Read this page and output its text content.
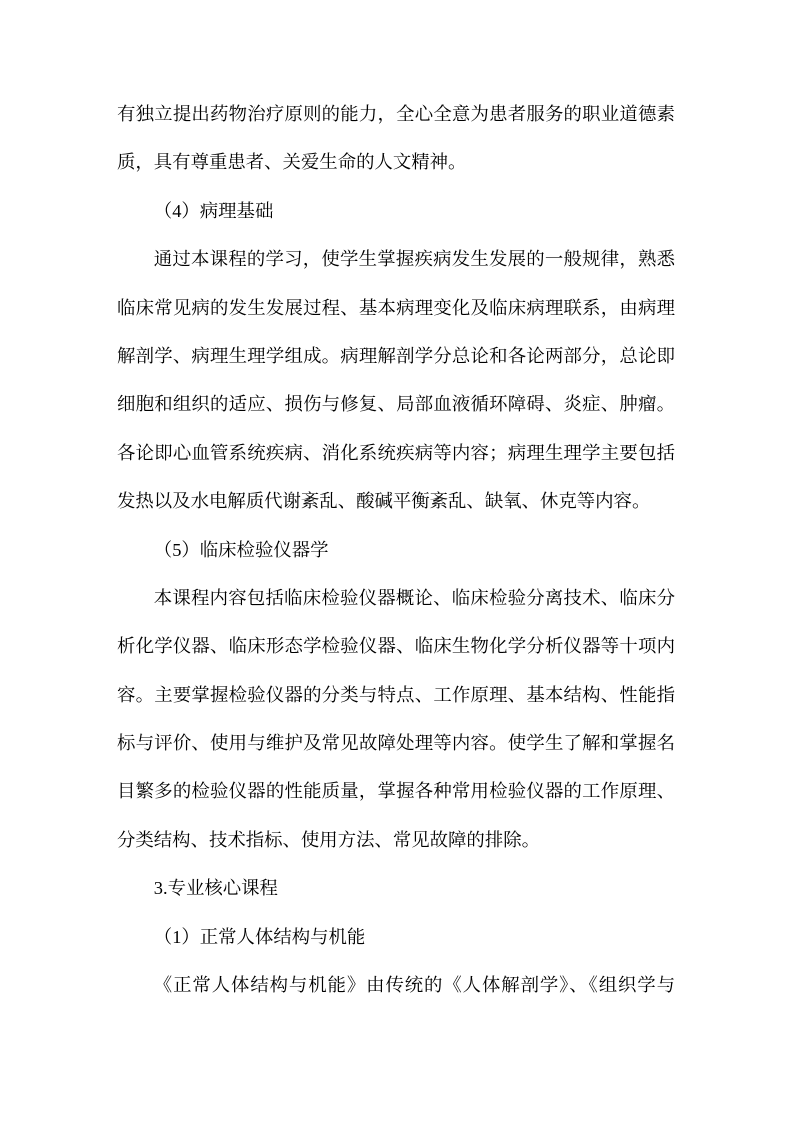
有独立提出药物治疗原则的能力，全心全意为患者服务的职业道德素
质，具有尊重患者、关爱生命的人文精神。
（4）病理基础
通过本课程的学习，使学生掌握疾病发生发展的一般规律，熟悉
临床常见病的发生发展过程、基本病理变化及临床病理联系，由病理
解剖学、病理生理学组成。病理解剖学分总论和各论两部分，总论即
细胞和组织的适应、损伤与修复、局部血液循环障碍、炎症、肿瘤。
各论即心血管系统疾病、消化系统疾病等内容；病理生理学主要包括
发热以及水电解质代谢紊乱、酸碱平衡紊乱、缺氧、休克等内容。
（5）临床检验仪器学
本课程内容包括临床检验仪器概论、临床检验分离技术、临床分
析化学仪器、临床形态学检验仪器、临床生物化学分析仪器等十项内
容。主要掌握检验仪器的分类与特点、工作原理、基本结构、性能指
标与评价、使用与维护及常见故障处理等内容。使学生了解和掌握名
目繁多的检验仪器的性能质量，掌握各种常用检验仪器的工作原理、
分类结构、技术指标、使用方法、常见故障的排除。
3.专业核心课程
（1）正常人体结构与机能
《正常人体结构与机能》由传统的《人体解剖学》、《组织学与
